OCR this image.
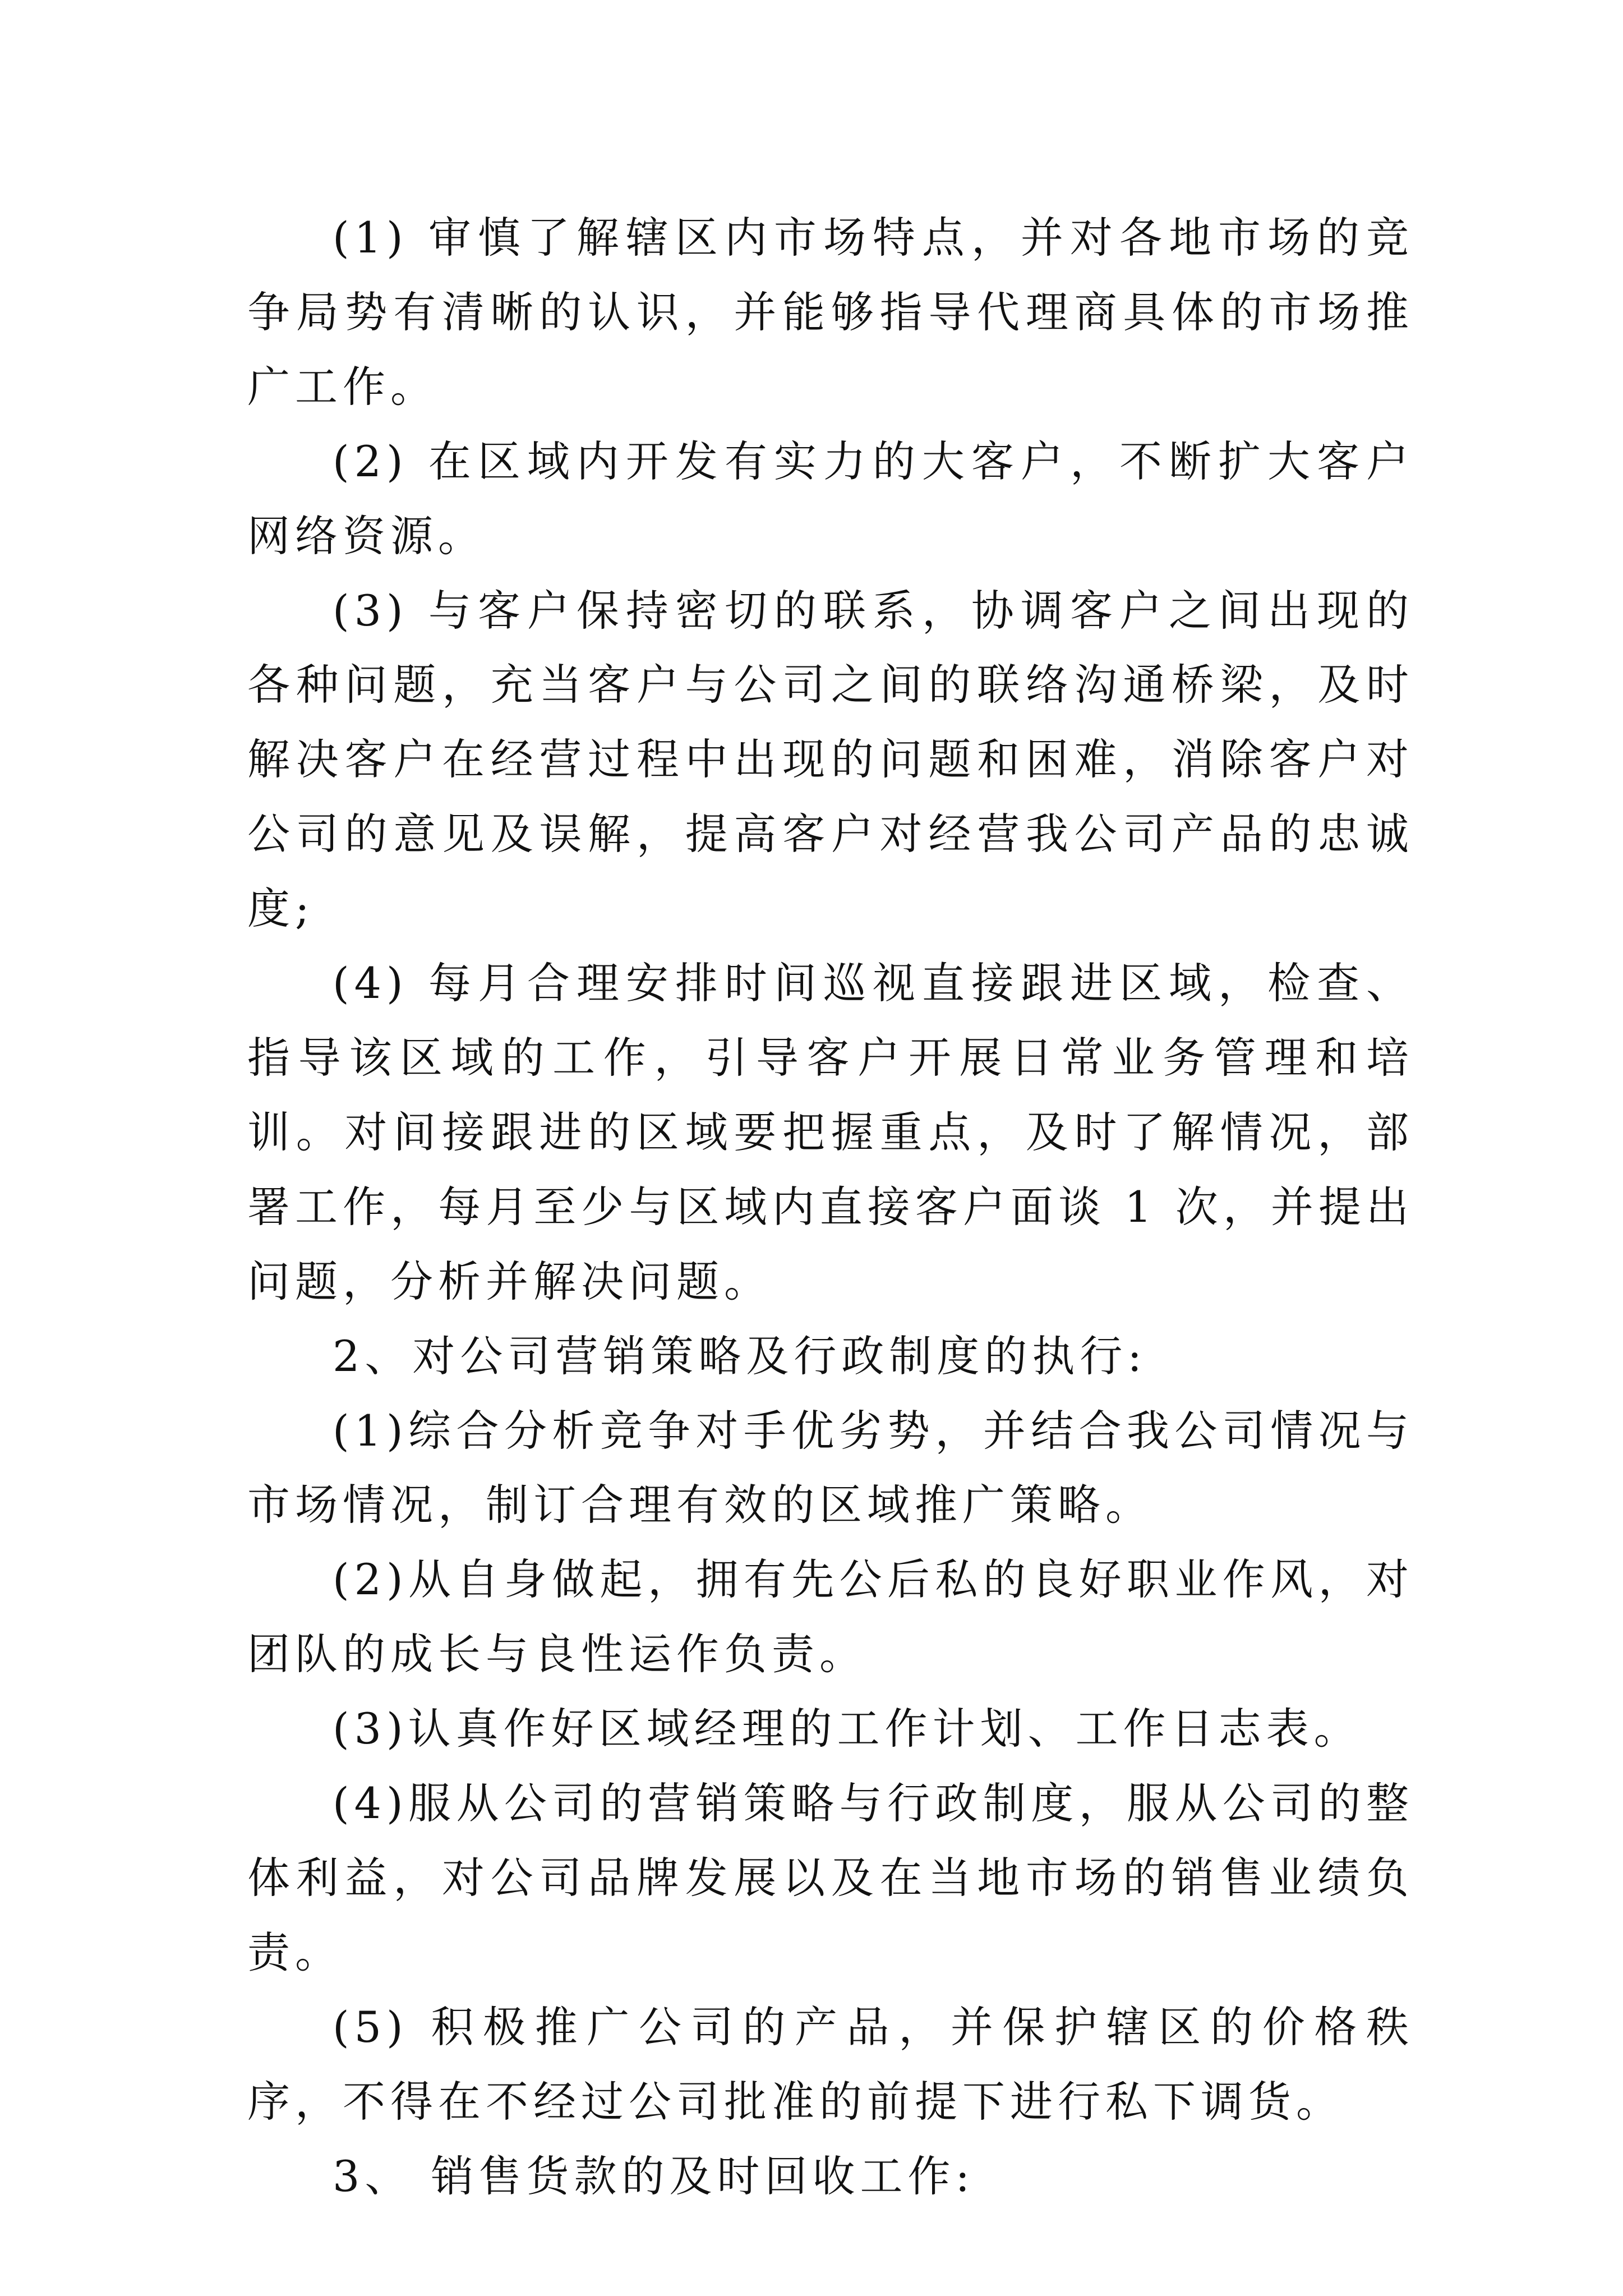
(1) 审慎了解辖区内市场特点，并对各地市场的竞争局势有清晰的认识，并能够指导代理商具体的市场推广工作。

(2) 在区域内开发有实力的大客户，不断扩大客户网络资源。

(3) 与客户保持密切的联系，协调客户之间出现的各种问题，充当客户与公司之间的联络沟通桥梁，及时解决客户在经营过程中出现的问题和困难，消除客户对公司的意见及误解，提高客户对经营我公司产品的忠诚度;

(4) 每月合理安排时间巡视直接跟进区域，检查、指导该区域的工作，引导客户开展日常业务管理和培训。对间接跟进的区域要把握重点，及时了解情况，部署工作，每月至少与区域内直接客户面谈 1 次，并提出问题，分析并解决问题。

2、对公司营销策略及行政制度的执行:

(1)综合分析竞争对手优劣势，并结合我公司情况与市场情况，制订合理有效的区域推广策略。

(2)从自身做起，拥有先公后私的良好职业作风，对团队的成长与良性运作负责。

(3)认真作好区域经理的工作计划、工作日志表。

(4)服从公司的营销策略与行政制度，服从公司的整体利益，对公司品牌发展以及在当地市场的销售业绩负责。

(5) 积极推广公司的产品，并保护辖区的价格秩序，不得在不经过公司批准的前提下进行私下调货。

3、 销售货款的及时回收工作:
